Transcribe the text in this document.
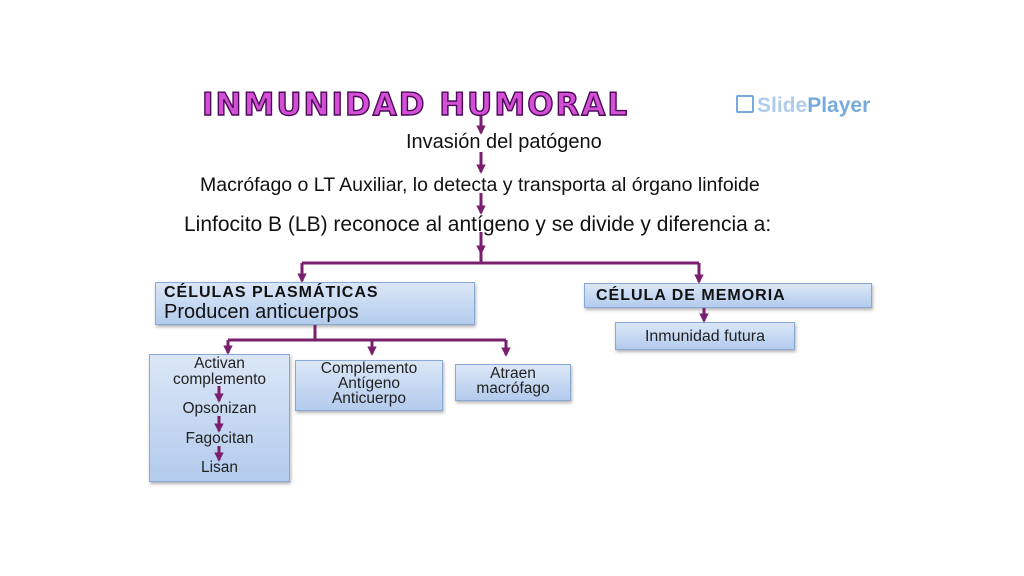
INMUNIDAD HUMORAL	SlidePlayer
Invasión del patógeno
Macrófago o LT Auxiliar, lo detecta y transporta al órgano linfoide
Linfocito B (LB) reconoce al antígeno y se divide y diferencia a:
CÉLULAS PLASMÁTICAS
Producen anticuerpos
CÉLULA DE MEMORIA
Inmunidad futura
Activan complemento
Opsonizan
Fagocitan
Lisan
Complemento Antígeno Anticuerpo
Atraen macrófago
